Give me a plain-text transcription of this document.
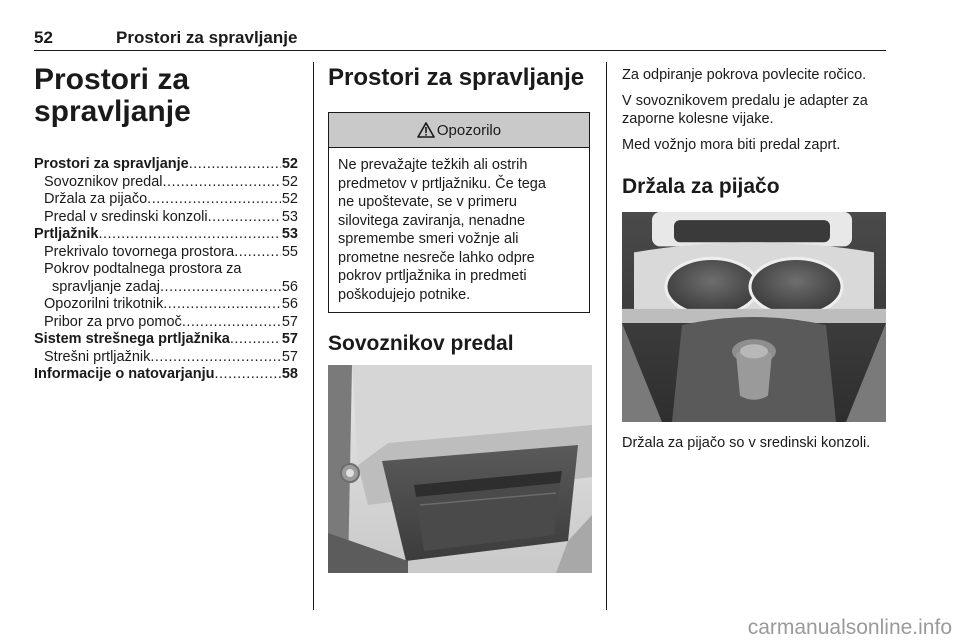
52	Prostori za spravljanje
Prostori za
spravljanje
Prostori za spravljanje .....	52
Sovoznikov predal .....	52
Držala za pijačo .....	52
Predal v sredinski konzoli .....	53
Prtljažnik .....	53
Prekrivalo tovornega prostora .....	55
Pokrov podtalnega prostora za
spravljanje zadaj .....	56
Opozorilni trikotnik .....	56
Pribor za prvo pomoč .....	57
Sistem strešnega prtljažnika .....	57
Strešni prtljažnik .....	57
Informacije o natovarjanju .....	58
Prostori za spravljanje
Opozorilo
Ne prevažajte težkih ali ostrih
predmetov v prtljažniku. Če tega
ne upoštevate, se v primeru
silovitega zaviranja, nenadne
spremembe smeri vožnje ali
prometne nesreče lahko odpre
pokrov prtljažnika in predmeti
poškodujejo potnike.
Sovoznikov predal

Za odpiranje pokrova povlecite ročico.

V sovoznikovem predalu je adapter za zaporne kolesne vijake.

Med vožnjo mora biti predal zaprt.

Držala za pijačo

Držala za pijačo so v sredinski konzoli.

carmanualsonline.info
